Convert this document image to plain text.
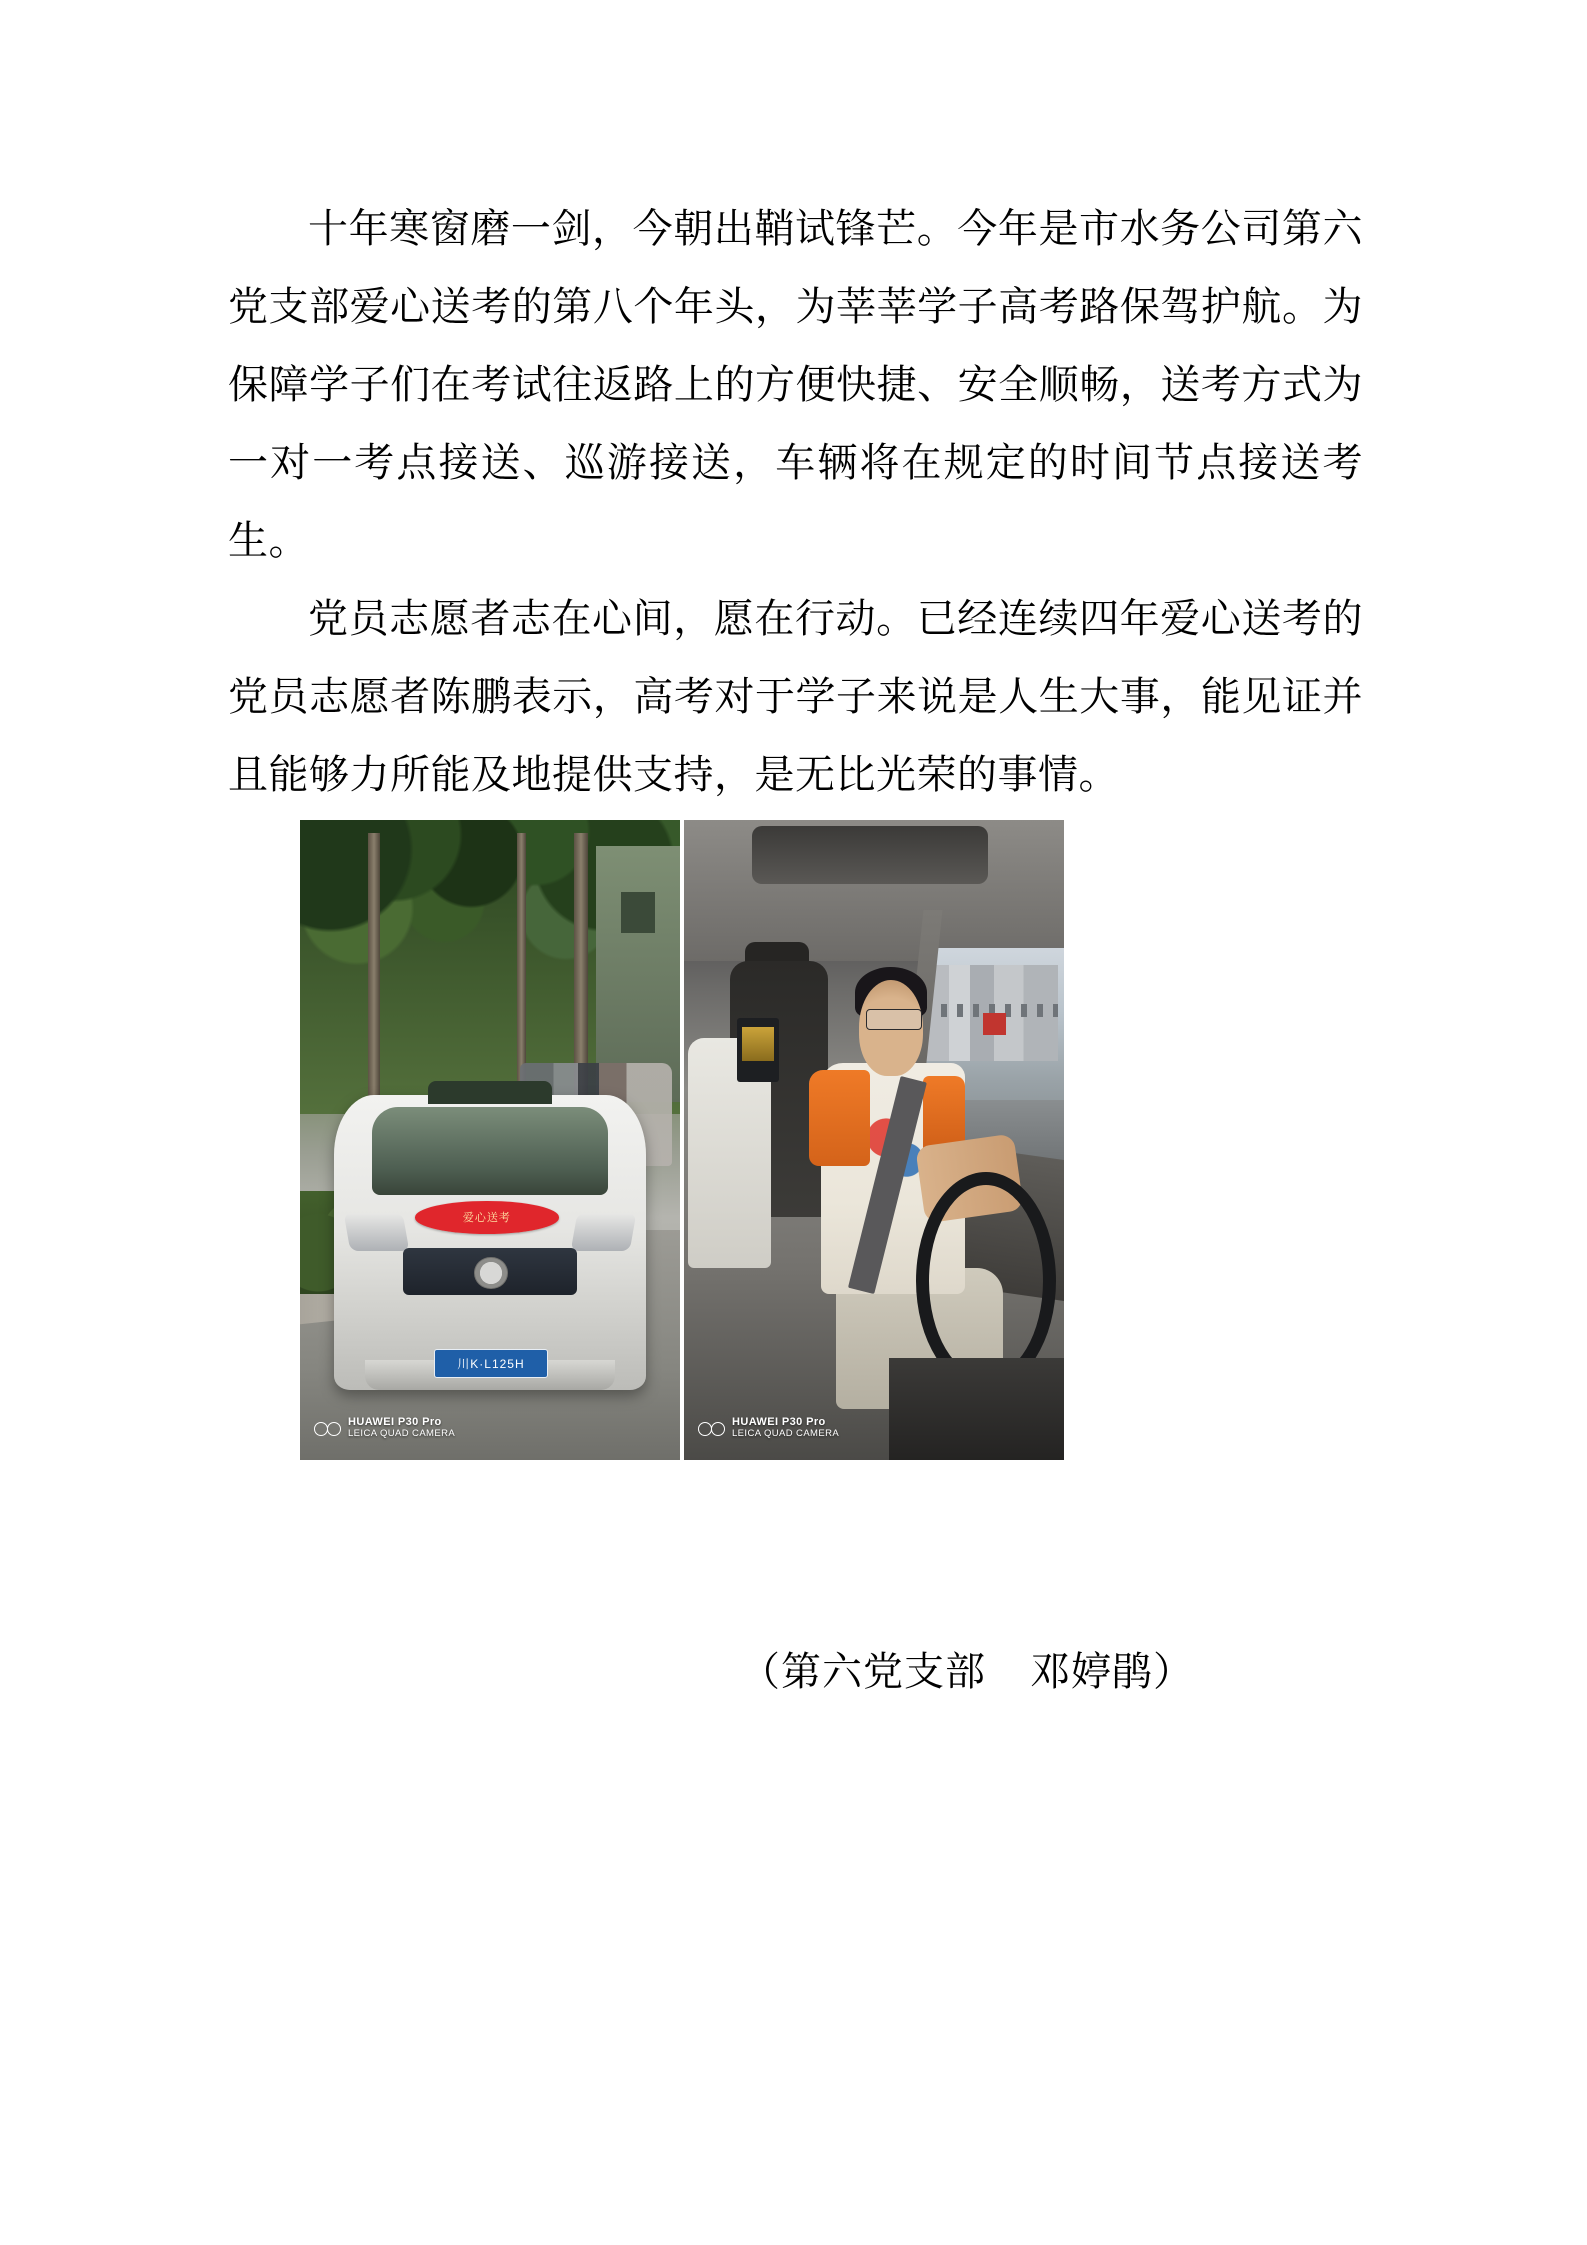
十年寒窗磨一剑，今朝出鞘试锋芒。今年是市水务公司第六党支部爱心送考的第八个年头，为莘莘学子高考路保驾护航。为保障学子们在考试往返路上的方便快捷、安全顺畅，送考方式为一对一考点接送、巡游接送，车辆将在规定的时间节点接送考生。

党员志愿者志在心间，愿在行动。已经连续四年爱心送考的党员志愿者陈鹏表示，高考对于学子来说是人生大事，能见证并且能够力所能及地提供支持，是无比光荣的事情。

爱心送考
川K·L125H
HUAWEI P30 Pro
LEICA QUAD CAMERA
HUAWEI P30 Pro
LEICA QUAD CAMERA
（第六党支部    邓婷鹃）
